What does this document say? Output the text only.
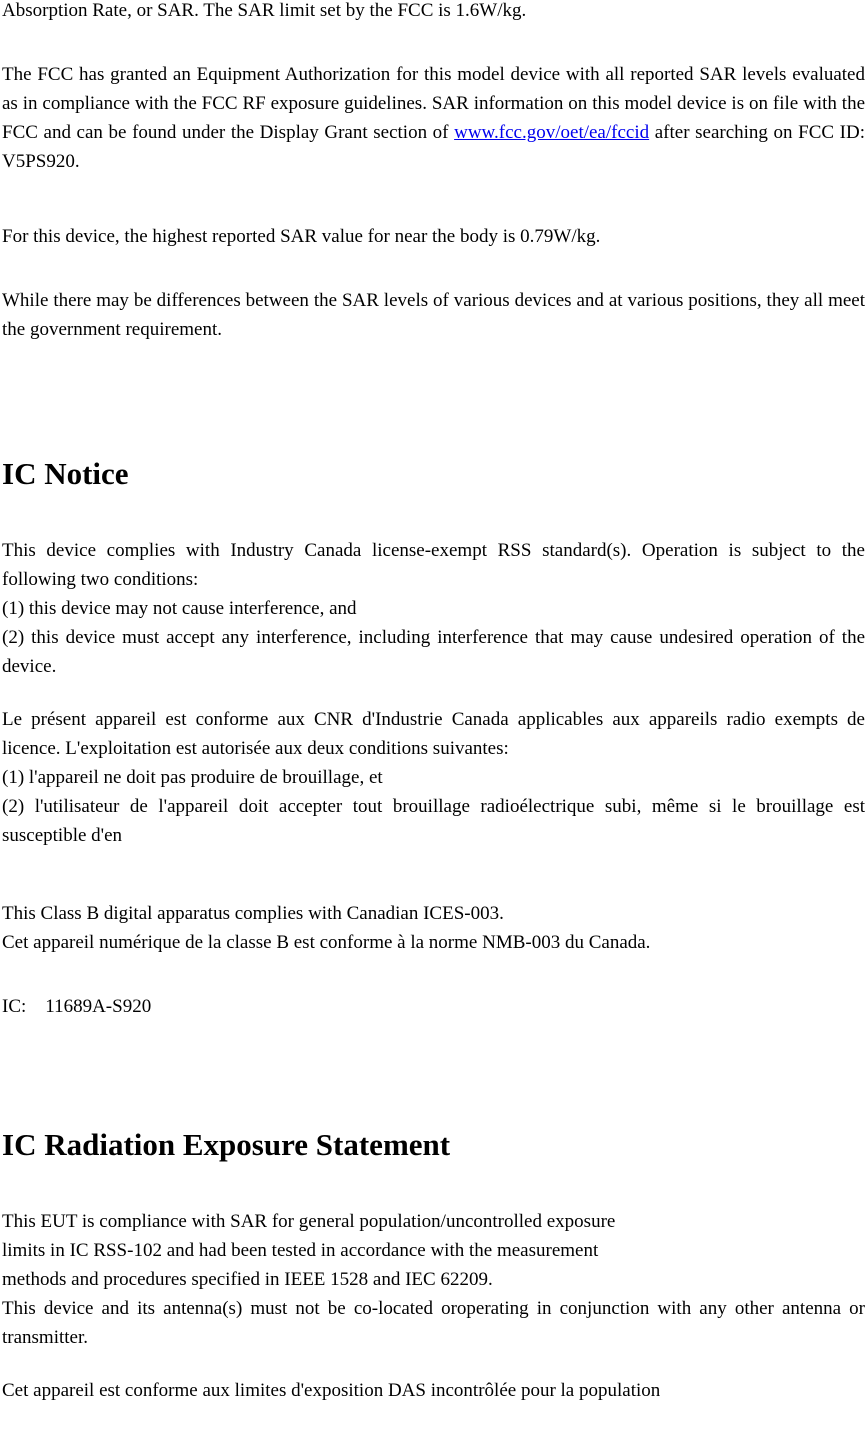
Absorption Rate, or SAR. The SAR limit set by the FCC is 1.6W/kg.

The FCC has granted an Equipment Authorization for this model device with all reported SAR levels evaluated as in compliance with the FCC RF exposure guidelines. SAR information on this model device is on file with the FCC and can be found under the Display Grant section of www.fcc.gov/oet/ea/fccid after searching on FCC ID: V5PS920.

For this device, the highest reported SAR value for near the body is 0.79W/kg.

While there may be differences between the SAR levels of various devices and at various positions, they all meet the government requirement.

IC Notice

This device complies with Industry Canada license-exempt RSS standard(s). Operation is subject to the following two conditions:

(1) this device may not cause interference, and

(2) this device must accept any interference, including interference that may cause undesired operation of the device.

Le présent appareil est conforme aux CNR d'Industrie Canada applicables aux appareils radio exempts de licence. L'exploitation est autorisée aux deux conditions suivantes:

(1) l'appareil ne doit pas produire de brouillage, et

(2) l'utilisateur de l'appareil doit accepter tout brouillage radioélectrique subi, même si le brouillage est susceptible d'en

This Class B digital apparatus complies with Canadian ICES-003.

Cet appareil numérique de la classe B est conforme à la norme NMB-003 du Canada.

IC:    11689A-S920

IC Radiation Exposure Statement

This EUT is compliance with SAR for general population/uncontrolled exposure

limits in IC RSS-102 and had been tested in accordance with the measurement

methods and procedures specified in IEEE 1528 and IEC 62209.

This device and its antenna(s) must not be co-located oroperating in conjunction with any other antenna or transmitter.

Cet appareil est conforme aux limites d'exposition DAS incontrôlée pour la population
